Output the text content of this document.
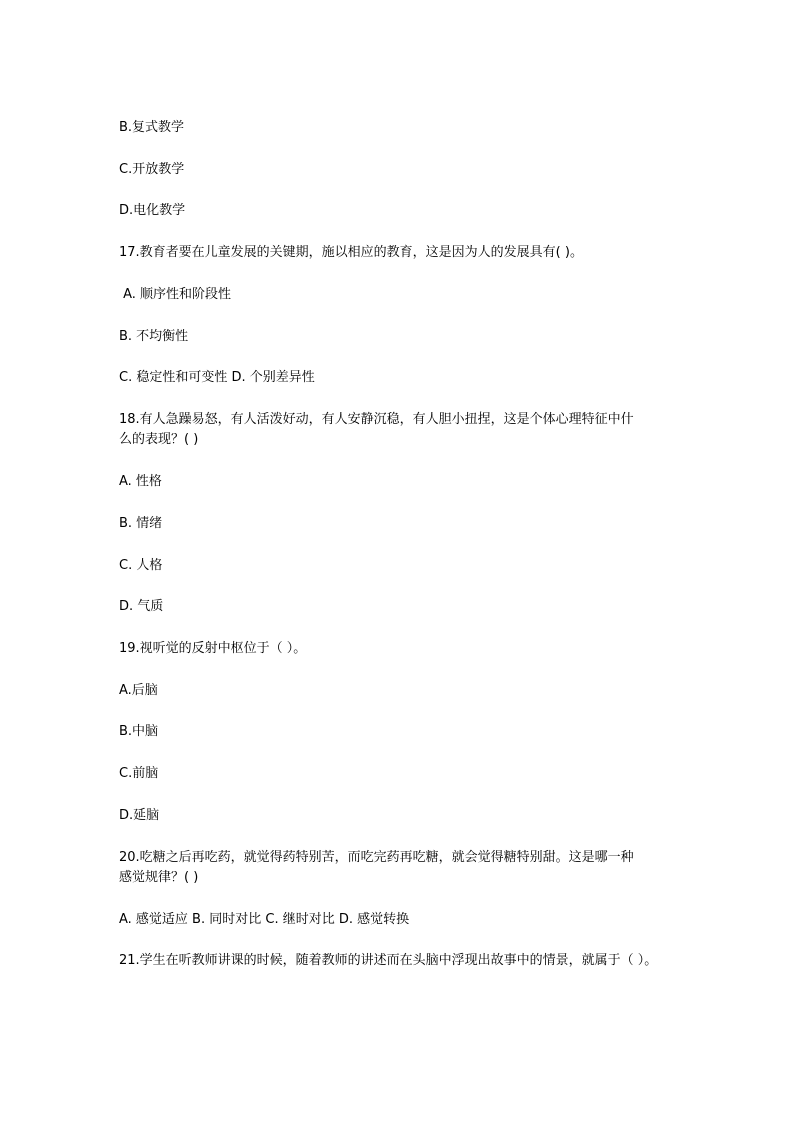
B.复式教学

C.开放教学

D.电化教学

17.教育者要在儿童发展的关键期，施以相应的教育，这是因为人的发展具有( )。

A. 顺序性和阶段性

B. 不均衡性

C. 稳定性和可变性 D. 个别差异性

18.有人急躁易怒，有人活泼好动，有人安静沉稳，有人胆小扭捏，这是个体心理特征中什

么的表现？( )

A. 性格

B. 情绪

C. 人格

D. 气质

19.视听觉的反射中枢位于（ ）。

A.后脑

B.中脑

C.前脑

D.延脑

20.吃糖之后再吃药，就觉得药特别苦，而吃完药再吃糖，就会觉得糖特别甜。这是哪一种

感觉规律？( )

A. 感觉适应 B. 同时对比 C. 继时对比 D. 感觉转换

21.学生在听教师讲课的时候，随着教师的讲述而在头脑中浮现出故事中的情景，就属于（ ）。
